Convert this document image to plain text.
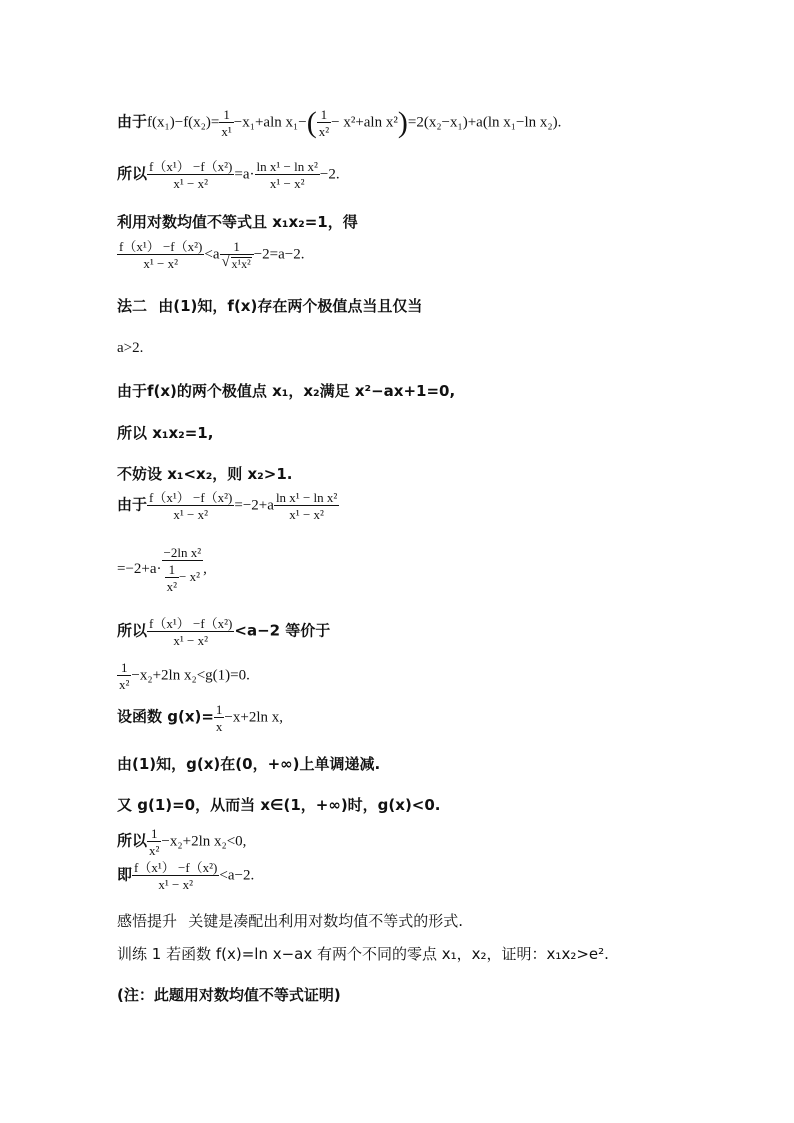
由于$f(x_1)-f(x_2)= \frac{1}{\text{x¹}} -x_1+aln$ $x_1-( \frac{1}{\text{x²}} - x^2+aln$ x²)=2(x₂−x₁)+a(ln x₁−ln x₂).
所以 $\frac{\text{f（x¹） −f（x²)}}{\text{x¹ − x²}} =a\cdot \frac{\text{ln x¹ − ln x²}}{\text{x¹ − x²}} -2$.
利用对数均值不等式且 x₁x₂=1，得
$\frac{\text{f（x¹） −f（x²)}}{\text{x¹ − x²}} <a$ 1
√ x¹x² −2=a−2.
法二 由(1)知，f(x)存在两个极值点当且仅当
a>2.
由于f(x)的两个极值点 x₁，x₂满足 x²−ax+1=0,
所以 x₁x₂=1,
不妨设 x₁<x₂，则 x₂>1.
由于 $\frac{\text{f（x¹） −f（x²)}}{\text{x¹ − x²}} =-2+a \frac{\text{ln x¹ − ln x²}}{\text{x¹ − x²}}$
$=-2+a\cdot \frac{\text{−2ln x²}}{\frac{1}{\text{x²}} - x^2}$ ,
所以 $\frac{\text{f（x¹） −f（x²)}}{\text{x¹ − x²}} <a-2$ 等价于
$\frac{1}{\text{x²}} -x_2+2\ln$ x₂<g(1)=0.
设函数 $g(x)= \frac{1}{x} -x+2\ln$ x,
由(1)知，g(x)在(0，+∞)上单调递减.
又 g(1)=0，从而当 x∈(1，+∞)时，g(x)<0.
所以 $\frac{1}{\text{x²}} -x_2+2\ln$ x₂<0,
即 $\frac{\text{f（x¹） −f（x²)}}{\text{x¹ − x²}} <a-2$.
感悟提升 关键是凑配出利用对数均值不等式的形式.
训练 1 若函数 f(x)=ln x−ax 有两个不同的零点 x₁，x₂，证明：x₁x₂>e².
(注：此题用对数均值不等式证明)
